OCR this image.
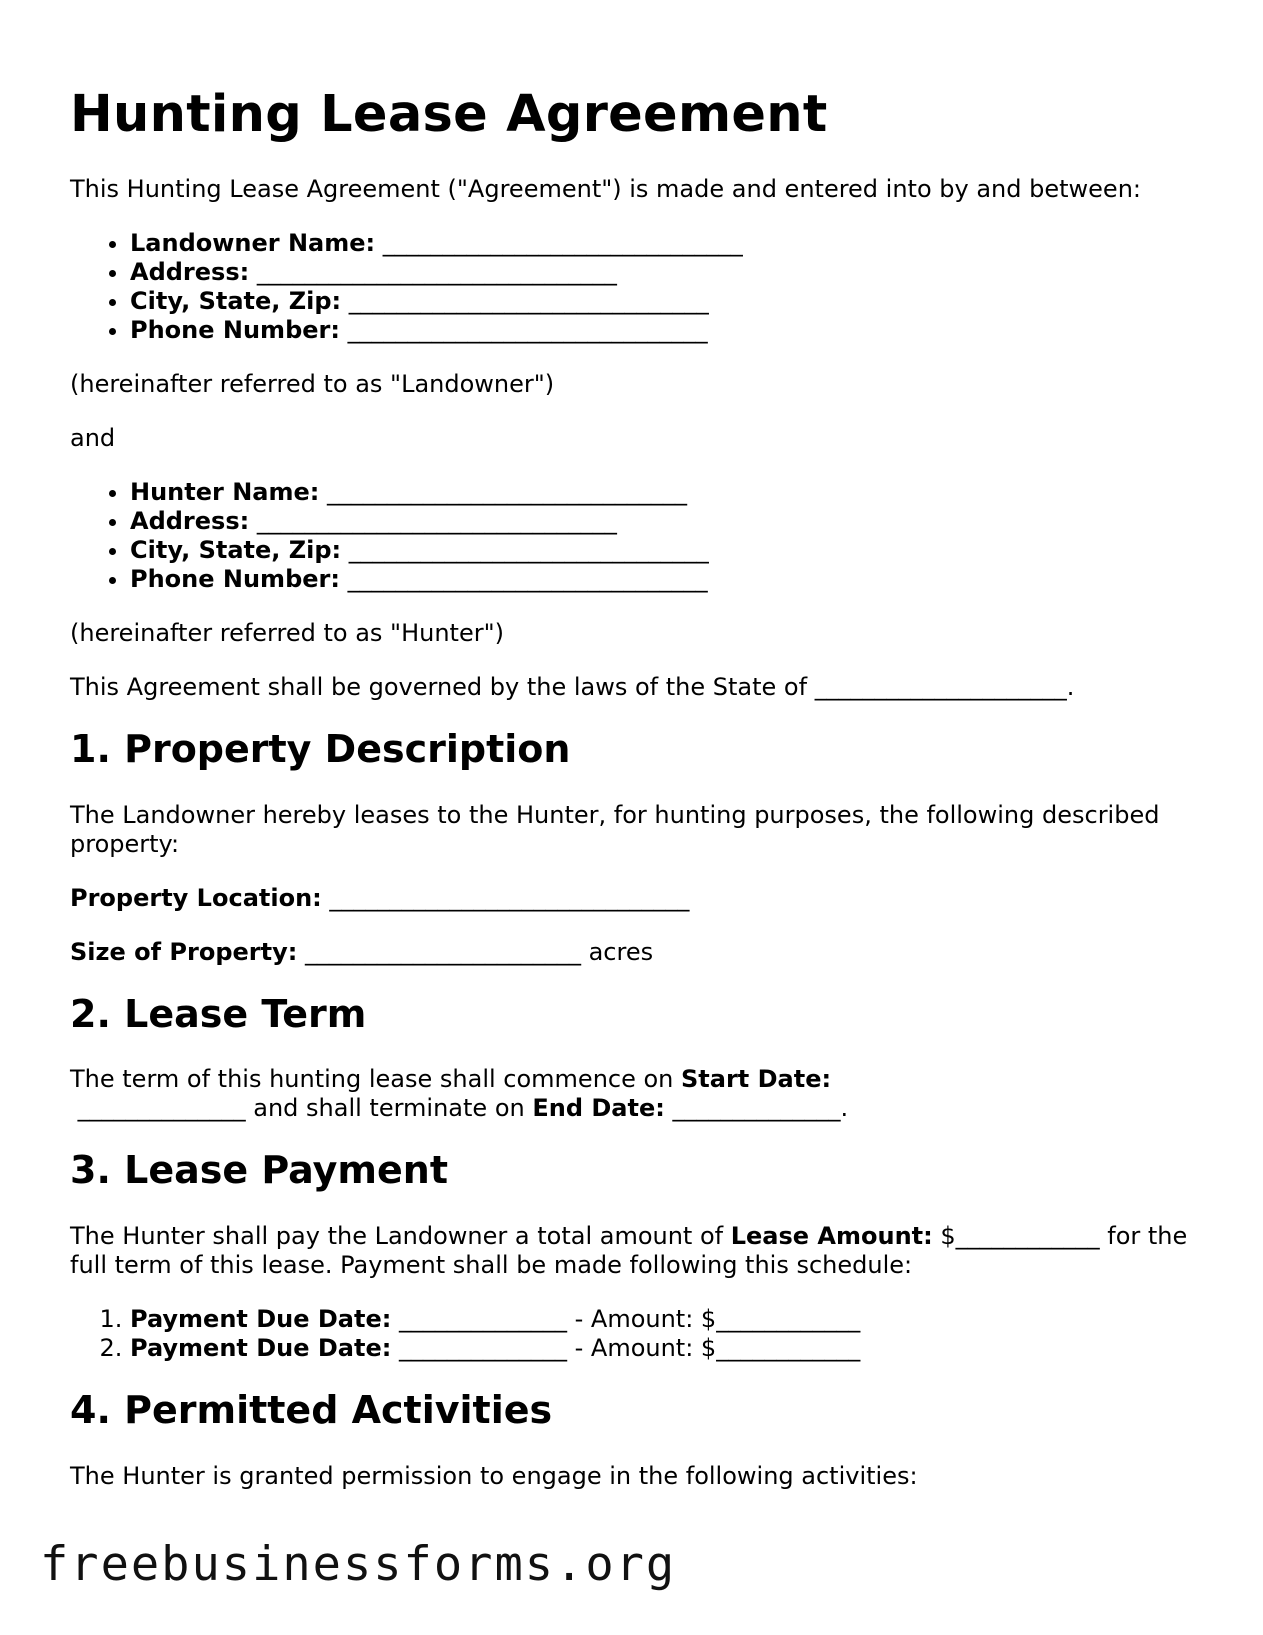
Hunting Lease Agreement

This Hunting Lease Agreement ("Agreement") is made and entered into by and between:

• Landowner Name: ______________________________
• Address: ______________________________
• City, State, Zip: ______________________________
• Phone Number: ______________________________

(hereinafter referred to as "Landowner")

and

• Hunter Name: ______________________________
• Address: ______________________________
• City, State, Zip: ______________________________
• Phone Number: ______________________________

(hereinafter referred to as "Hunter")

This Agreement shall be governed by the laws of the State of _____________________.

1. Property Description

The Landowner hereby leases to the Hunter, for hunting purposes, the following described property:

Property Location: ______________________________

Size of Property: _______________________ acres

2. Lease Term

The term of this hunting lease shall commence on Start Date: ______________ and shall terminate on End Date: ______________.

3. Lease Payment

The Hunter shall pay the Landowner a total amount of Lease Amount: $____________ for the full term of this lease. Payment shall be made following this schedule:

1. Payment Due Date: ______________ - Amount: $____________
2. Payment Due Date: ______________ - Amount: $____________
4. Permitted Activities

The Hunter is granted permission to engage in the following activities:

freebusinessforms.org
